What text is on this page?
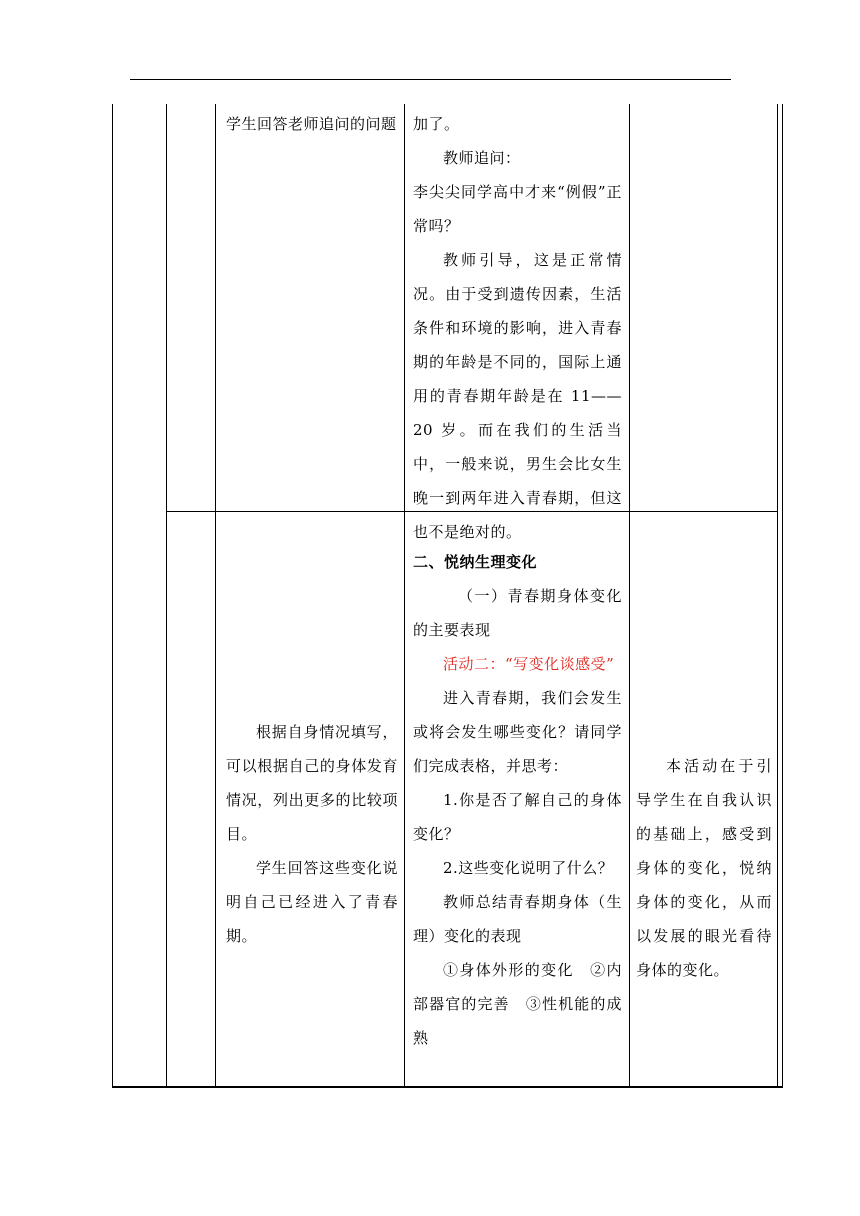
学生回答老师追问的问题 加了。

教师追问：

李尖尖同学高中才来“例假”正常吗？

教师引导，这是正常情况。由于受到遗传因素，生活条件和环境的影响，进入青春期的年龄是不同的，国际上通用的青春期年龄是在 11——20 岁。而在我们的生活当中，一般来说，男生会比女生晚一到两年进入青春期，但这也不是绝对的。

根据自身情况填写，可以根据自己的身体发育情况，列出更多的比较项目。

学生回答这些变化说明自己已经进入了青春期。

二、悦纳生理变化

（一）青春期身体变化的主要表现

活动二：“写变化谈感受”

进入青春期，我们会发生或将会发生哪些变化？请同学们完成表格，并思考：

1.你是否了解自己的身体变化？

2.这些变化说明了什么？

教师总结青春期身体（生理）变化的表现

①身体外形的变化　②内部器官的完善　③性机能的成熟

本活动在于引导学生在自我认识的基础上，感受到身体的变化，悦纳身体的变化，从而以发展的眼光看待身体的变化。
